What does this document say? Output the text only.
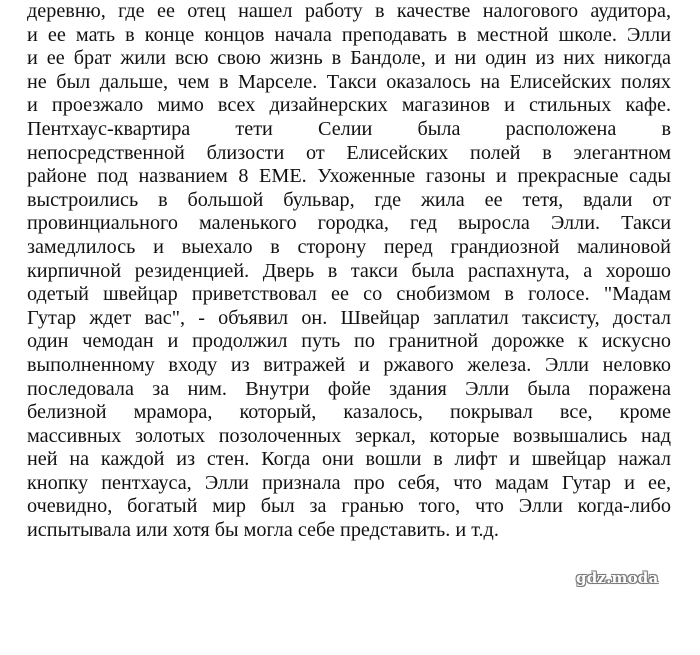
деревню, где ее отец нашел работу в качестве налогового аудитора,
и ее мать в конце концов начала преподавать в местной школе. Элли
и ее брат жили всю свою жизнь в Бандоле, и ни один из них никогда
не был дальше, чем в Марселе. Такси оказалось на Елисейских полях
и проезжало мимо всех дизайнерских магазинов и стильных кафе.
Пентхаус-квартира тети Селии была расположена в
непосредственной близости от Елисейских полей в элегантном
районе под названием 8 EME. Ухоженные газоны и прекрасные сады
выстроились в большой бульвар, где жила ее тетя, вдали от
провинциального маленького городка, гед выросла Элли. Такси
замедлилось и выехало в сторону перед грандиозной малиновой
кирпичной резиденцией. Дверь в такси была распахнута, а хорошо
одетый швейцар приветствовал ее со снобизмом в голосе. "Мадам
Гутар ждет вас", - объявил он. Швейцар заплатил таксисту, достал
один чемодан и продолжил путь по гранитной дорожке к искусно
выполненному входу из витражей и ржавого железа. Элли неловко
последовала за ним. Внутри фойе здания Элли была поражена
белизной мрамора, который, казалось, покрывал все, кроме
массивных золотых позолоченных зеркал, которые возвышались над
ней на каждой из стен. Когда они вошли в лифт и швейцар нажал
кнопку пентхауса, Элли признала про себя, что мадам Гутар и ее,
очевидно, богатый мир был за гранью того, что Элли когда-либо
испытывала или хотя бы могла себе представить. и т.д.
gdz.moda
